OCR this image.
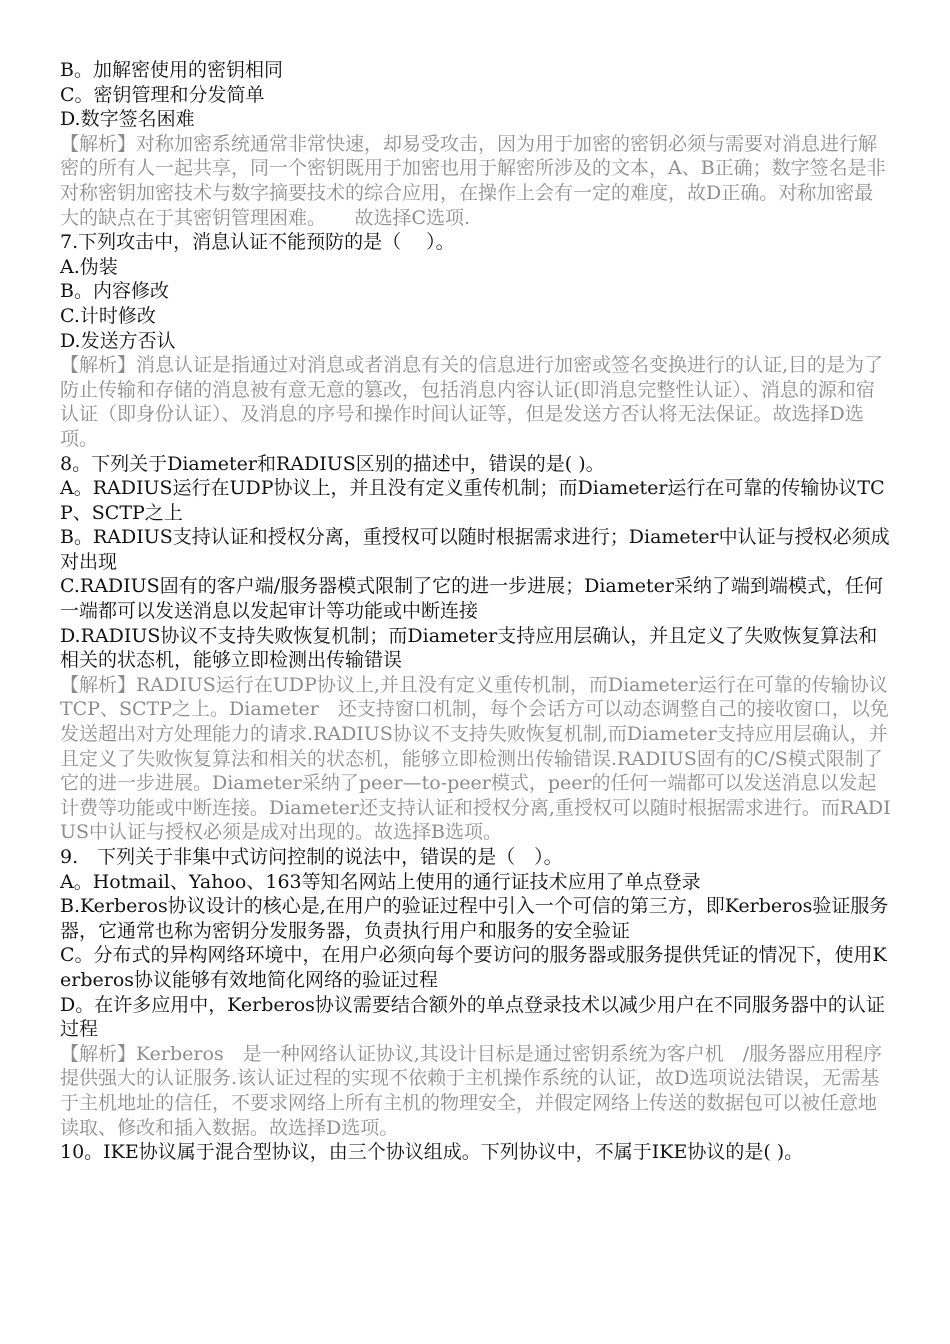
B。加解密使用的密钥相同
C。密钥管理和分发简单
D.数字签名困难
【解析】对称加密系统通常非常快速，却易受攻击，因为用于加密的密钥必须与需要对消息进行解密的所有人一起共享，同一个密钥既用于加密也用于解密所涉及的文本，A、B正确；数字签名是非对称密钥加密技术与数字摘要技术的综合应用，在操作上会有一定的难度，故D正确。对称加密最大的缺点在于其密钥管理困难。　　故选择C选项.
7.下列攻击中，消息认证不能预防的是（　 ）。
A.伪装
B。内容修改
C.计时修改
D.发送方否认
【解析】消息认证是指通过对消息或者消息有关的信息进行加密或签名变换进行的认证,目的是为了防止传输和存储的消息被有意无意的篡改，包括消息内容认证(即消息完整性认证）、消息的源和宿认证（即身份认证）、及消息的序号和操作时间认证等，但是发送方否认将无法保证。故选择D选项。
8。下列关于Diameter和RADIUS区别的描述中，错误的是( )。
A。RADIUS运行在UDP协议上，并且没有定义重传机制；而Diameter运行在可靠的传输协议TCP、SCTP之上
B。RADIUS支持认证和授权分离，重授权可以随时根据需求进行；Diameter中认证与授权必须成对出现
C.RADIUS固有的客户端/服务器模式限制了它的进一步进展；Diameter采纳了端到端模式，任何一端都可以发送消息以发起审计等功能或中断连接
D.RADIUS协议不支持失败恢复机制；而Diameter支持应用层确认，并且定义了失败恢复算法和相关的状态机，能够立即检测出传输错误
【解析】RADIUS运行在UDP协议上,并且没有定义重传机制，而Diameter运行在可靠的传输协议TCP、SCTP之上。Diameter　还支持窗口机制，每个会话方可以动态调整自己的接收窗口，以免发送超出对方处理能力的请求.RADIUS协议不支持失败恢复机制,而Diameter支持应用层确认，并且定义了失败恢复算法和相关的状态机，能够立即检测出传输错误.RADIUS固有的C/S模式限制了它的进一步进展。Diameter采纳了peer—to-peer模式，peer的任何一端都可以发送消息以发起计费等功能或中断连接。Diameter还支持认证和授权分离,重授权可以随时根据需求进行。而RADIUS中认证与授权必须是成对出现的。故选择B选项。
9.　下列关于非集中式访问控制的说法中，错误的是（　）。
A。Hotmail、Yahoo、163等知名网站上使用的通行证技术应用了单点登录
B.Kerberos协议设计的核心是,在用户的验证过程中引入一个可信的第三方，即Kerberos验证服务器，它通常也称为密钥分发服务器，负责执行用户和服务的安全验证
C。分布式的异构网络环境中，在用户必须向每个要访问的服务器或服务提供凭证的情况下，使用Kerberos协议能够有效地简化网络的验证过程
D。在许多应用中，Kerberos协议需要结合额外的单点登录技术以减少用户在不同服务器中的认证过程
【解析】Kerberos　是一种网络认证协议,其设计目标是通过密钥系统为客户机　/服务器应用程序提供强大的认证服务.该认证过程的实现不依赖于主机操作系统的认证，故D选项说法错误，无需基于主机地址的信任，不要求网络上所有主机的物理安全，并假定网络上传送的数据包可以被任意地读取、修改和插入数据。故选择D选项。
10。IKE协议属于混合型协议，由三个协议组成。下列协议中，不属于IKE协议的是( )。
